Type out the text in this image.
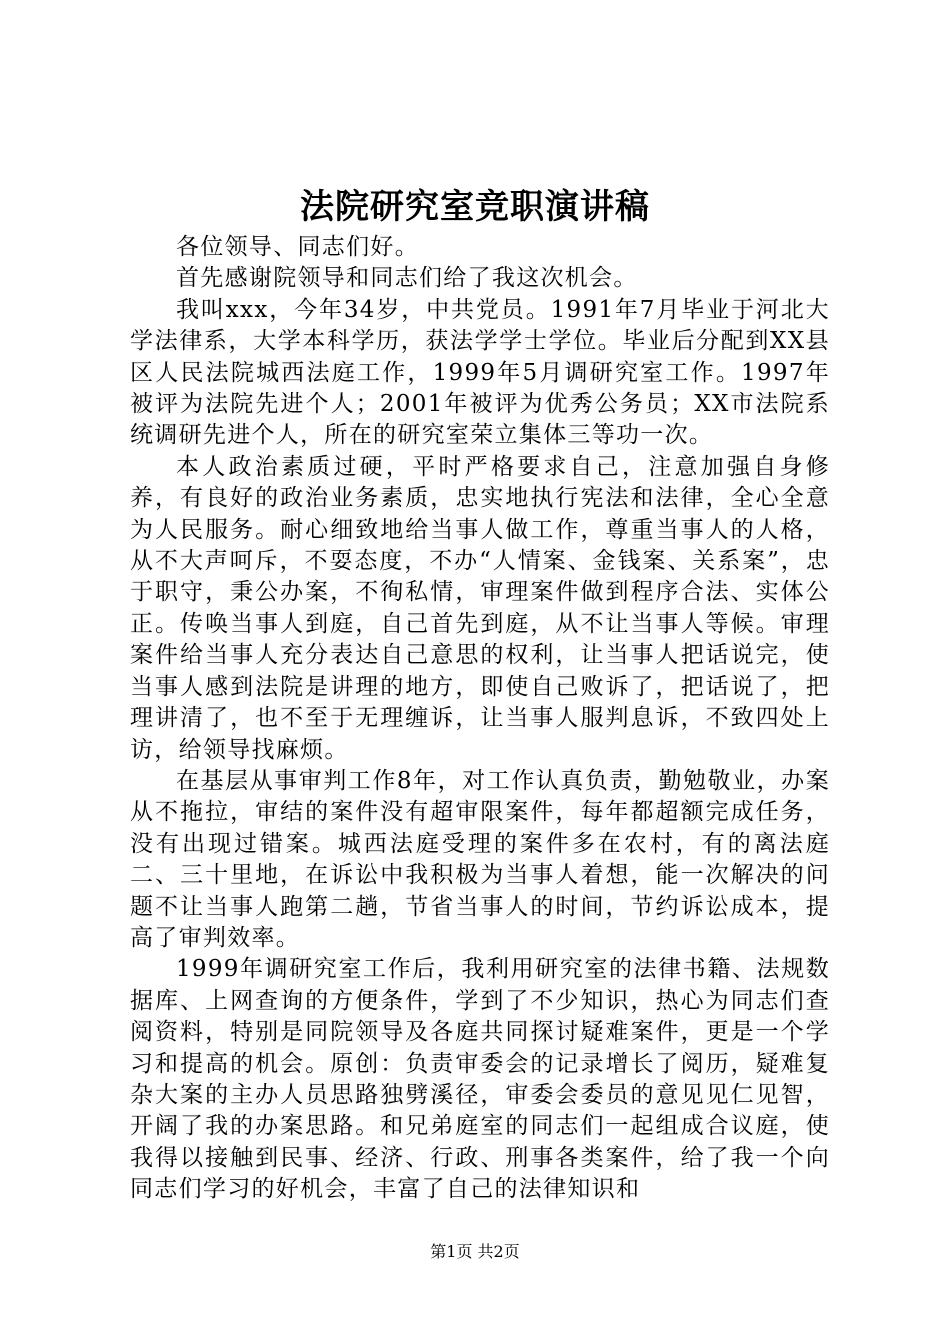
法院研究室竞职演讲稿

各位领导、同志们好。

首先感谢院领导和同志们给了我这次机会。

我叫xxx，今年34岁，中共党员。1991年7月毕业于河北大学法律系，大学本科学历，获法学学士学位。毕业后分配到XX县区人民法院城西法庭工作，1999年5月调研究室工作。1997年被评为法院先进个人；2001年被评为优秀公务员；XX市法院系统调研先进个人，所在的研究室荣立集体三等功一次。

本人政治素质过硬，平时严格要求自己，注意加强自身修养，有良好的政治业务素质，忠实地执行宪法和法律，全心全意为人民服务。耐心细致地给当事人做工作，尊重当事人的人格，从不大声呵斥，不耍态度，不办“人情案、金钱案、关系案”，忠于职守，秉公办案，不徇私情，审理案件做到程序合法、实体公正。传唤当事人到庭，自己首先到庭，从不让当事人等候。审理案件给当事人充分表达自己意思的权利，让当事人把话说完，使当事人感到法院是讲理的地方，即使自己败诉了，把话说了，把理讲清了，也不至于无理缠诉，让当事人服判息诉，不致四处上访，给领导找麻烦。

在基层从事审判工作8年，对工作认真负责，勤勉敬业，办案从不拖拉，审结的案件没有超审限案件，每年都超额完成任务，没有出现过错案。城西法庭受理的案件多在农村，有的离法庭二、三十里地，在诉讼中我积极为当事人着想，能一次解决的问题不让当事人跑第二趟，节省当事人的时间，节约诉讼成本，提高了审判效率。

1999年调研究室工作后，我利用研究室的法律书籍、法规数据库、上网查询的方便条件，学到了不少知识，热心为同志们查阅资料，特别是同院领导及各庭共同探讨疑难案件，更是一个学习和提高的机会。原创：负责审委会的记录增长了阅历，疑难复杂大案的主办人员思路独劈溪径，审委会委员的意见见仁见智，开阔了我的办案思路。和兄弟庭室的同志们一起组成合议庭，使我得以接触到民事、经济、行政、刑事各类案件，给了我一个向同志们学习的好机会，丰富了自己的法律知识和

第1页 共2页
